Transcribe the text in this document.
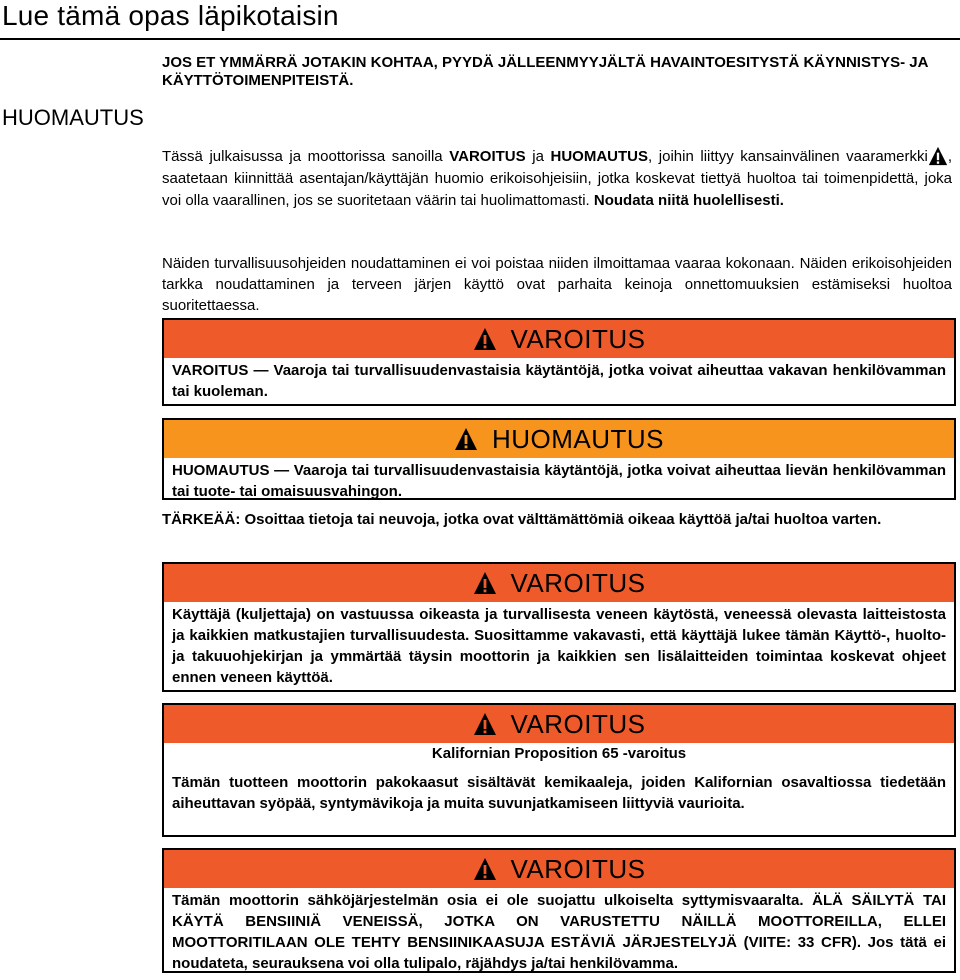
Lue tämä opas läpikotaisin
HUOMAUTUS
JOS ET YMMÄRRÄ JOTAKIN KOHTAA, PYYDÄ JÄLLEENMYYJÄLTÄ HAVAINTOESITYSTÄ KÄYNNISTYS- JA KÄYTTÖTOIMENPITEISTÄ.
Tässä julkaisussa ja moottorissa sanoilla VAROITUS ja HUOMAUTUS, joihin liittyy kansainvälinen vaaramerkki , saatetaan kiinnittää asentajan/käyttäjän huomio erikoisohjeisiin, jotka koskevat tiettyä huoltoa tai toimenpidettä, joka voi olla vaarallinen, jos se suoritetaan väärin tai huolimattomasti. Noudata niitä huolellisesti.
Näiden turvallisuusohjeiden noudattaminen ei voi poistaa niiden ilmoittamaa vaaraa kokonaan. Näiden erikoisohjeiden tarkka noudattaminen ja terveen järjen käyttö ovat parhaita keinoja onnettomuuksien estämiseksi huoltoa suoritettaessa.
VAROITUS
VAROITUS — Vaaroja tai turvallisuudenvastaisia käytäntöjä, jotka voivat aiheuttaa vakavan henkilövamman tai kuoleman.
HUOMAUTUS
HUOMAUTUS — Vaaroja tai turvallisuudenvastaisia käytäntöjä, jotka voivat aiheuttaa lievän henkilövamman tai tuote- tai omaisuusvahingon.
TÄRKEÄÄ: Osoittaa tietoja tai neuvoja, jotka ovat välttämättömiä oikeaa käyttöä ja/tai huoltoa varten.
VAROITUS
Käyttäjä (kuljettaja) on vastuussa oikeasta ja turvallisesta veneen käytöstä, veneessä olevasta laitteistosta ja kaikkien matkustajien turvallisuudesta. Suosittamme vakavasti, että käyttäjä lukee tämän Käyttö-, huolto- ja takuuohjekirjan ja ymmärtää täysin moottorin ja kaikkien sen lisälaitteiden toimintaa koskevat ohjeet ennen veneen käyttöä.
VAROITUS
Kalifornian Proposition 65 -varoitus
Tämän tuotteen moottorin pakokaasut sisältävät kemikaaleja, joiden Kalifornian osavaltiossa tiedetään aiheuttavan syöpää, syntymävikoja ja muita suvunjatkamiseen liittyviä vaurioita.
VAROITUS
Tämän moottorin sähköjärjestelmän osia ei ole suojattu ulkoiselta syttymisvaaralta. ÄLÄ SÄILYTÄ TAI KÄYTÄ BENSIINIÄ VENEISSÄ, JOTKA ON VARUSTETTU NÄILLÄ MOOTTOREILLA, ELLEI MOOTTORITILAAN OLE TEHTY BENSIINIKAASUJA ESTÄVIÄ JÄRJESTELYJÄ (VIITE: 33 CFR). Jos tätä ei noudateta, seurauksena voi olla tulipalo, räjähdys ja/tai henkilövamma.
